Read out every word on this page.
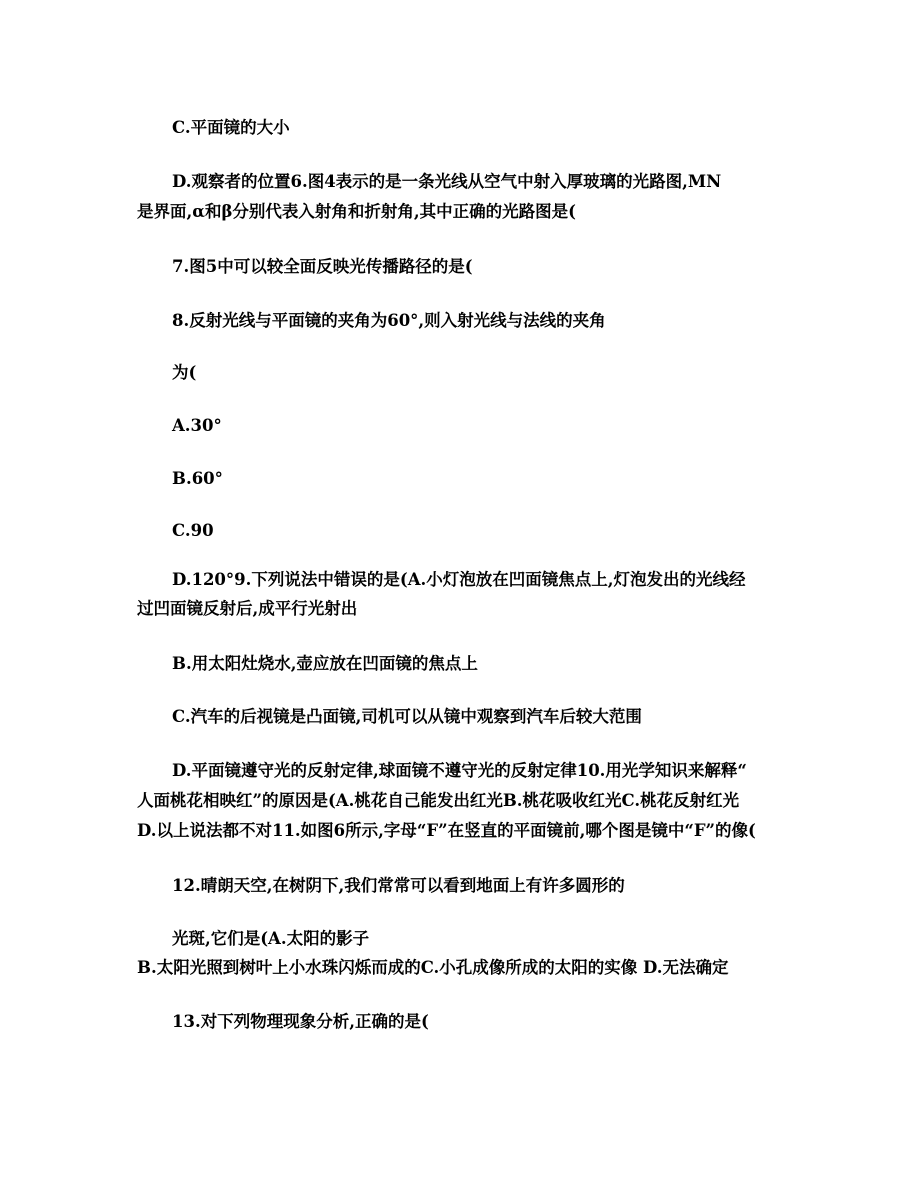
C.平面镜的大小
D.观察者的位置6.图4表示的是一条光线从空气中射入厚玻璃的光路图,MN
是界面,α和β分别代表入射角和折射角,其中正确的光路图是(
7.图5中可以较全面反映光传播路径的是(
8.反射光线与平面镜的夹角为60°,则入射光线与法线的夹角
为(
A.30°
B.60°
C.90
D.120°9.下列说法中错误的是(A.小灯泡放在凹面镜焦点上,灯泡发出的光线经
过凹面镜反射后,成平行光射出
B.用太阳灶烧水,壶应放在凹面镜的焦点上
C.汽车的后视镜是凸面镜,司机可以从镜中观察到汽车后较大范围
D.平面镜遵守光的反射定律,球面镜不遵守光的反射定律10.用光学知识来解释“
人面桃花相映红”的原因是(A.桃花自己能发出红光B.桃花吸收红光C.桃花反射红光
D.以上说法都不对11.如图6所示,字母“F”在竖直的平面镜前,哪个图是镜中“F”的像(
12.晴朗天空,在树阴下,我们常常可以看到地面上有许多圆形的
光斑,它们是(A.太阳的影子
B.太阳光照到树叶上小水珠闪烁而成的C.小孔成像所成的太阳的实像 D.无法确定
13.对下列物理现象分析,正确的是(
